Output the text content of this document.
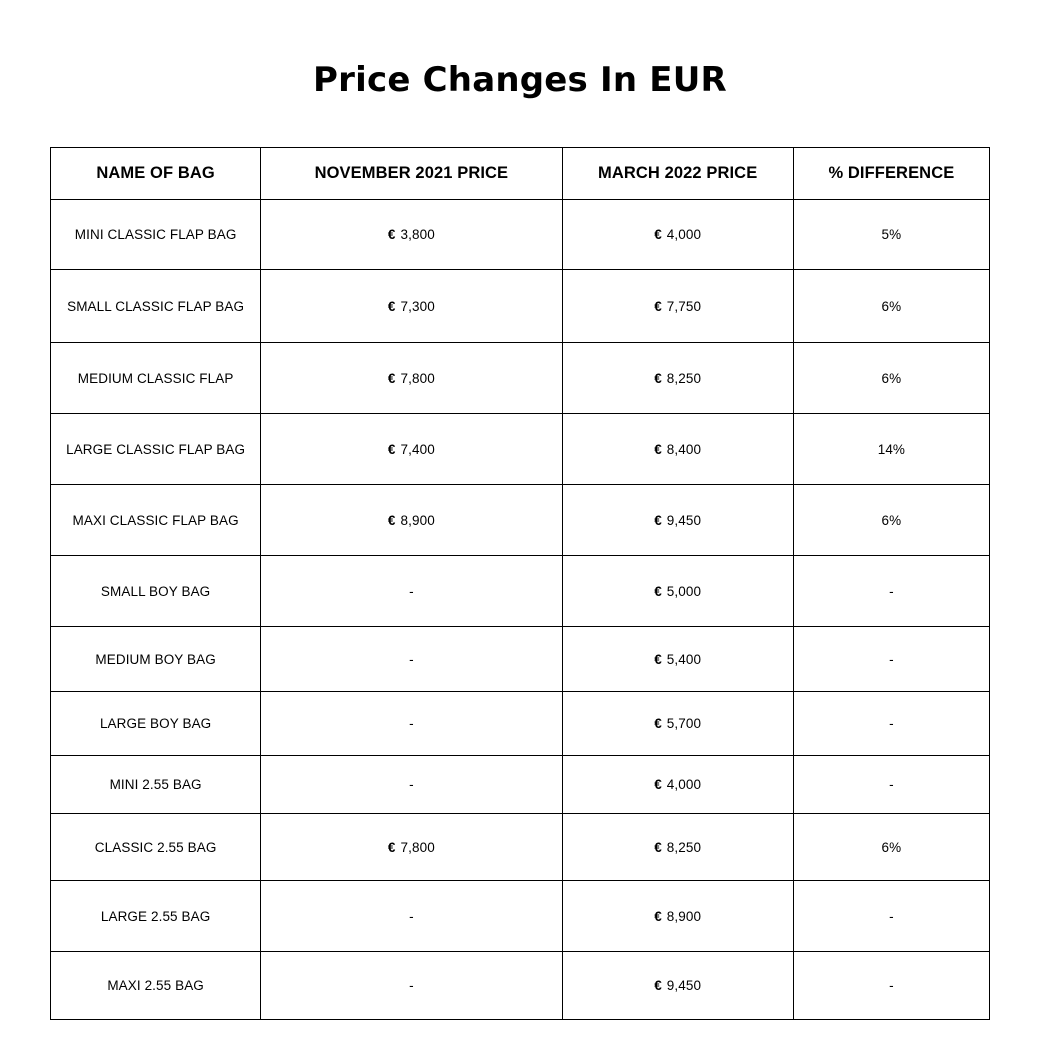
Price Changes In EUR
NAME OF BAG	NOVEMBER 2021 PRICE	MARCH 2022 PRICE	% DIFFERENCE
MINI CLASSIC FLAP BAG	€ 3,800	€ 4,000	5%
SMALL CLASSIC FLAP BAG	€ 7,300	€ 7,750	6%
MEDIUM CLASSIC FLAP	€ 7,800	€ 8,250	6%
LARGE CLASSIC FLAP BAG	€ 7,400	€ 8,400	14%
MAXI CLASSIC FLAP BAG	€ 8,900	€ 9,450	6%
SMALL BOY BAG	-	€ 5,000	-
MEDIUM BOY BAG	-	€ 5,400	-
LARGE BOY BAG	-	€ 5,700	-
MINI 2.55 BAG	-	€ 4,000	-
CLASSIC 2.55 BAG	€ 7,800	€ 8,250	6%
LARGE 2.55 BAG	-	€ 8,900	-
MAXI 2.55 BAG	-	€ 9,450	-
